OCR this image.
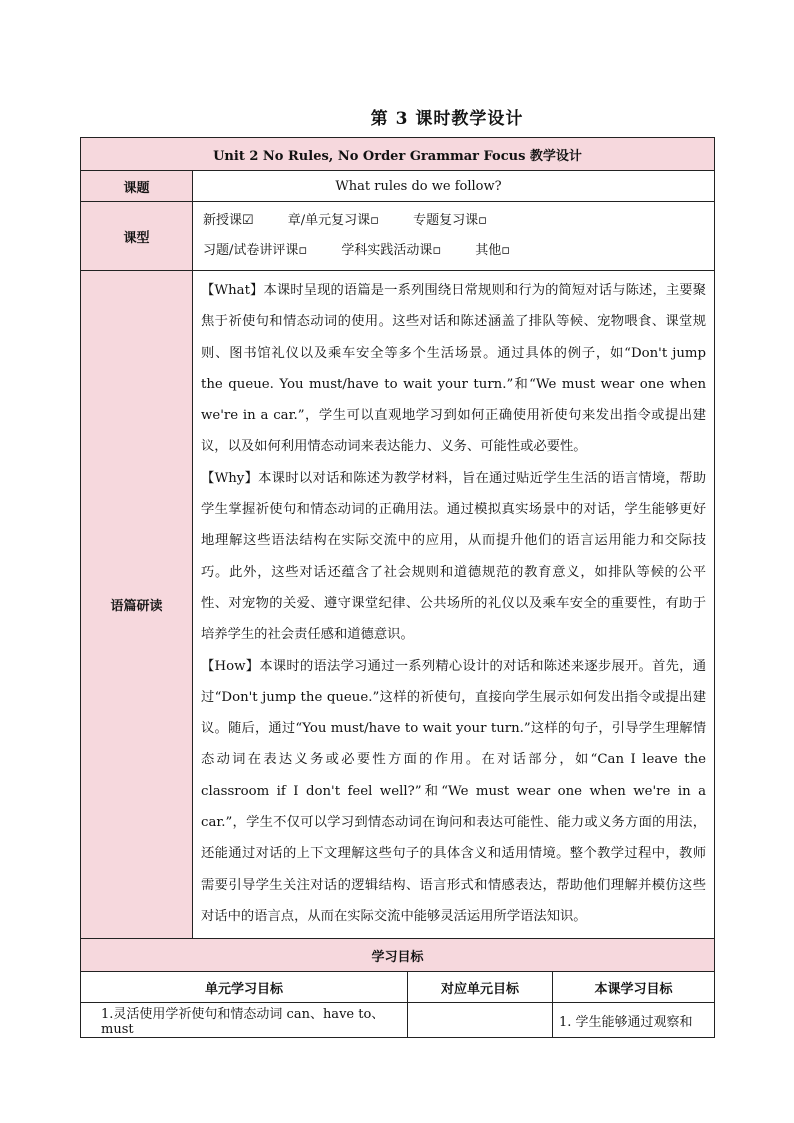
第 3 课时教学设计
Unit 2 No Rules, No Order Grammar Focus 教学设计			
课题	What rules do we follow?		
课型	新授课☑ 章/单元复习课▫ 专题复习课▫
习题/试卷讲评课▫ 学科实践活动课▫ 其他▫		

语篇研读	【What】本课时呈现的语篇是一系列围绕日常规则和行为的简短对话与陈述，主要聚焦于祈使句和情态动词的使用。这些对话和陈述涵盖了排队等候、宠物喂食、课堂规则、图书馆礼仪以及乘车安全等多个生活场景。通过具体的例子，如“Don't jump the queue. You must/have to wait your turn.”和“We must wear one when we're in a car.”，学生可以直观地学习到如何正确使用祈使句来发出指令或提出建议，以及如何利用情态动词来表达能力、义务、可能性或必要性。

【Why】本课时以对话和陈述为教学材料，旨在通过贴近学生生活的语言情境，帮助学生掌握祈使句和情态动词的正确用法。通过模拟真实场景中的对话，学生能够更好地理解这些语法结构在实际交流中的应用，从而提升他们的语言运用能力和交际技巧。此外，这些对话还蕴含了社会规则和道德规范的教育意义，如排队等候的公平性、对宠物的关爱、遵守课堂纪律、公共场所的礼仪以及乘车安全的重要性，有助于培养学生的社会责任感和道德意识。

【How】本课时的语法学习通过一系列精心设计的对话和陈述来逐步展开。首先，通过“Don't jump the queue.”这样的祈使句，直接向学生展示如何发出指令或提出建议。随后，通过“You must/have to wait your turn.”这样的句子，引导学生理解情态动词在表达义务或必要性方面的作用。在对话部分，如“Can I leave the classroom if I don't feel well?”和“We must wear one when we're in a car.”，学生不仅可以学习到情态动词在询问和表达可能性、能力或义务方面的用法，还能通过对话的上下文理解这些句子的具体含义和适用情境。整个教学过程中，教师需要引导学生关注对话的逻辑结构、语言形式和情感表达，帮助他们理解并模仿这些对话中的语言点，从而在实际交流中能够灵活运用所学语法知识。		

学习目标			
单元学习目标		对应单元目标	本课学习目标
1.灵活使用学祈使句和情态动词 can、have to、must			1. 学生能够通过观察和
